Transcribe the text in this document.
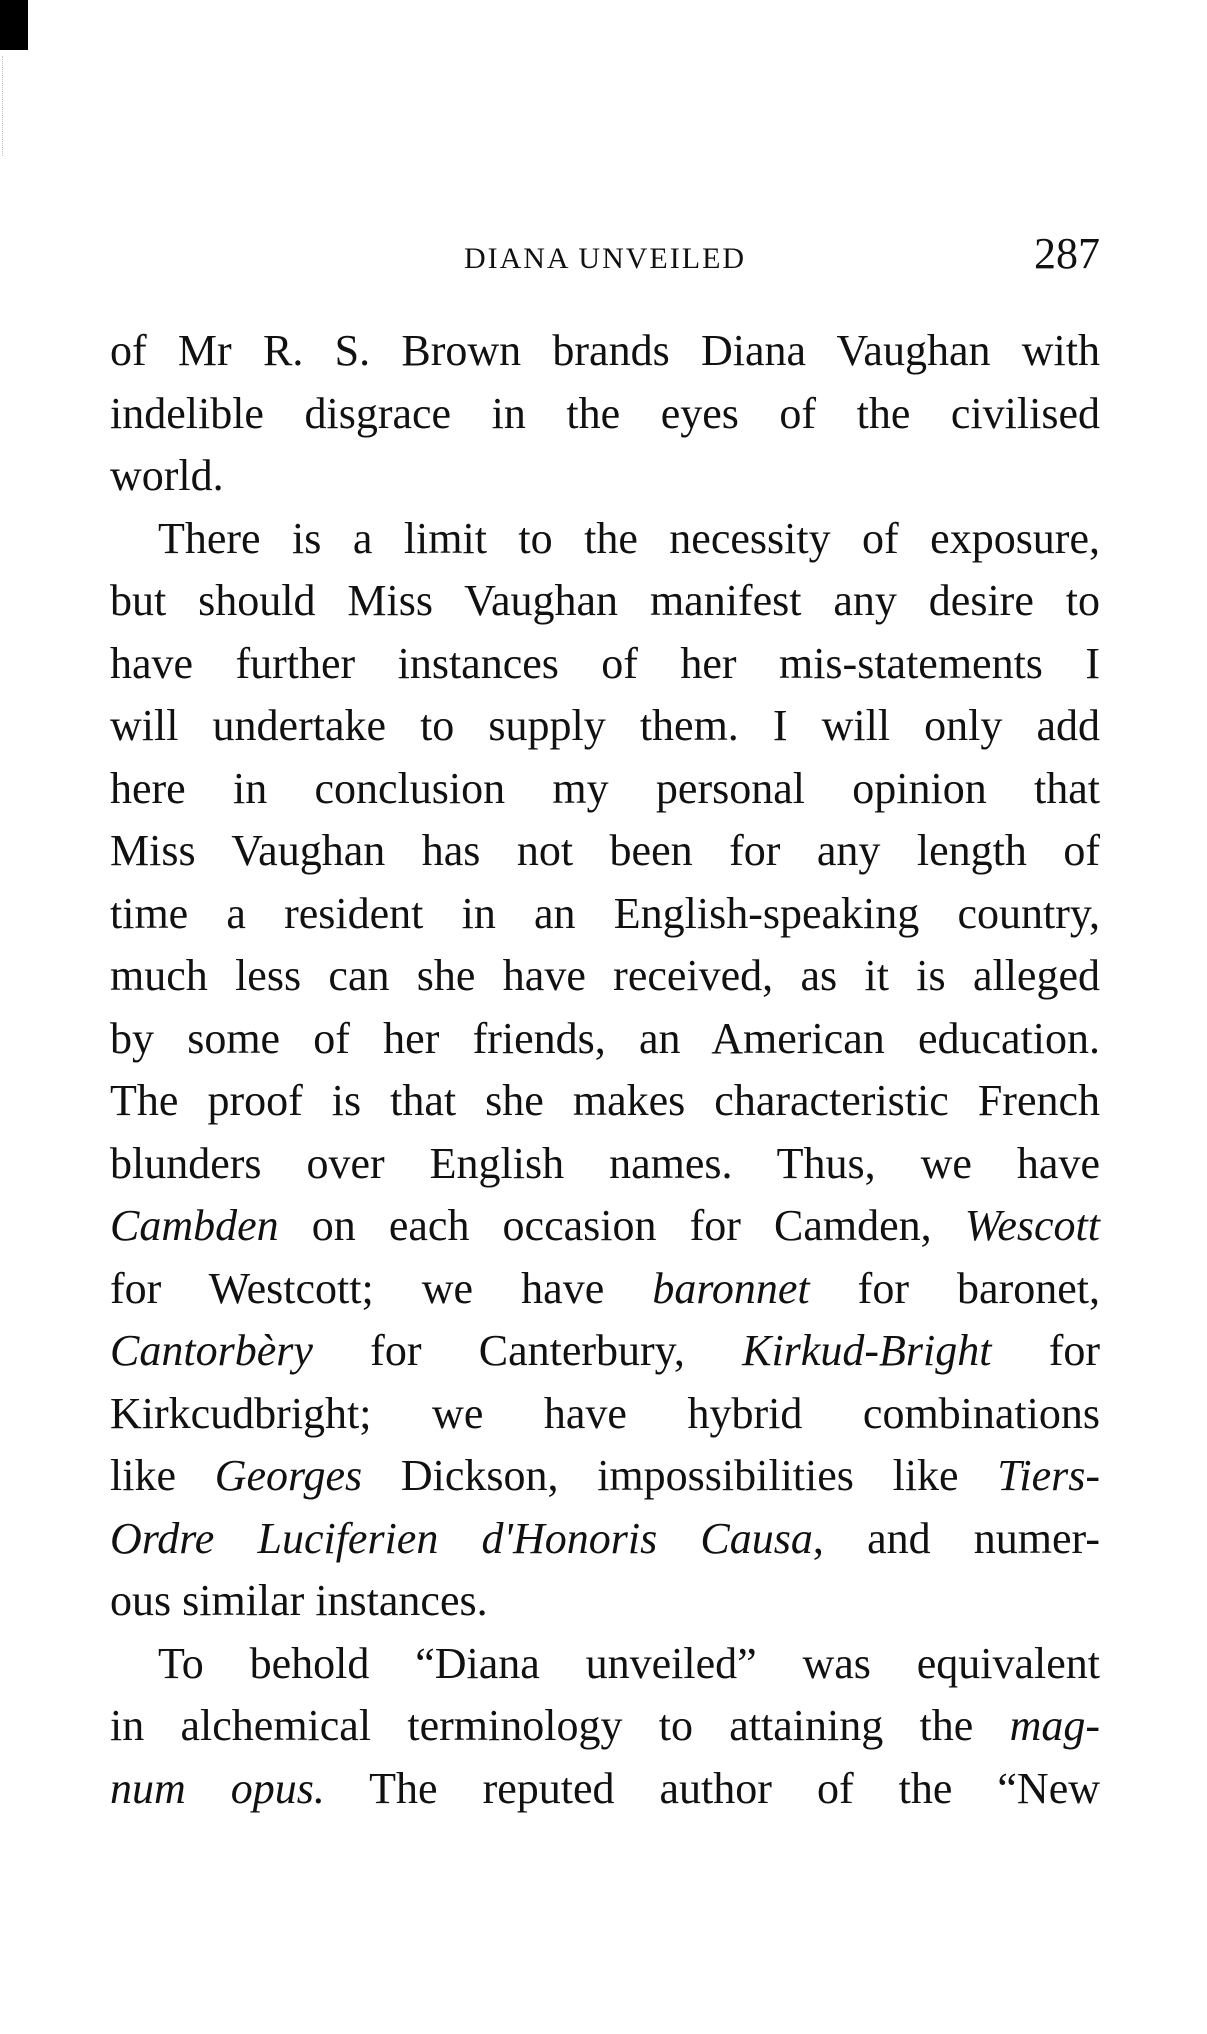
DIANA UNVEILED	287

of Mr R. S. Brown brands Diana Vaughan with
indelible disgrace in the eyes of the civilised
world.

There is a limit to the necessity of exposure,
but should Miss Vaughan manifest any desire to
have further instances of her mis-statements I
will undertake to supply them. I will only add
here in conclusion my personal opinion that
Miss Vaughan has not been for any length of
time a resident in an English-speaking country,
much less can she have received, as it is alleged
by some of her friends, an American education.
The proof is that she makes characteristic French
blunders over English names. Thus, we have
Cambden on each occasion for Camden, Wescott
for Westcott; we have baronnet for baronet,
Cantorbèry for Canterbury, Kirkud-Bright for
Kirkcudbright; we have hybrid combinations
like Georges Dickson, impossibilities like Tiers-
Ordre Luciferien d'Honoris Causa, and numer-
ous similar instances.

To behold “Diana unveiled” was equivalent
in alchemical terminology to attaining the mag-
num opus. The reputed author of the “New
